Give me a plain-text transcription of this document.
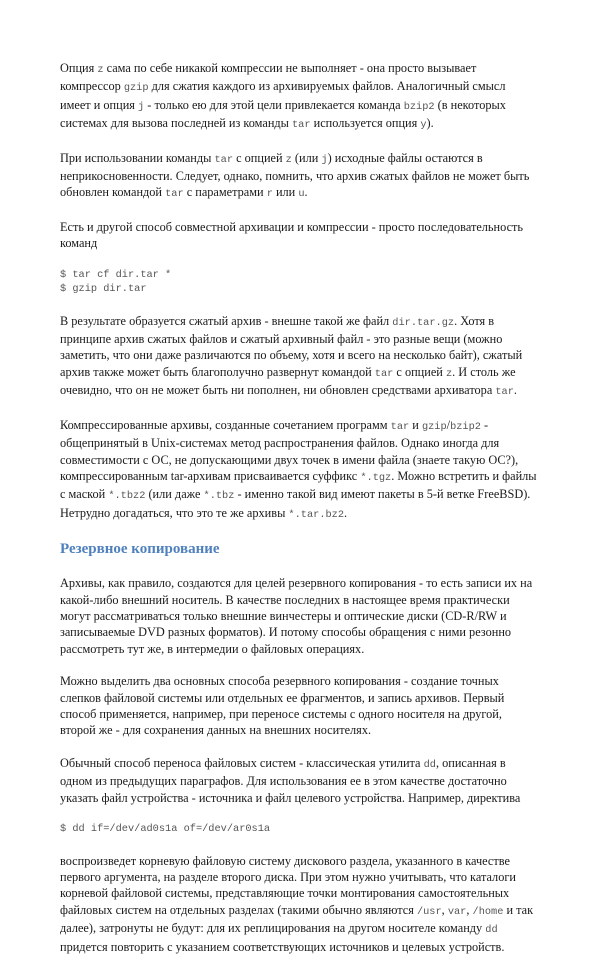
Опция z сама по себе никакой компрессии не выполняет - она просто вызывает компрессор gzip для сжатия каждого из архивируемых файлов. Аналогичный смысл имеет и опция j - только ею для этой цели привлекается команда bzip2 (в некоторых системах для вызова последней из команды tar используется опция y).

При использовании команды tar с опцией z (или j) исходные файлы остаются в неприкосновенности. Следует, однако, помнить, что архив сжатых файлов не может быть обновлен командой tar с параметрами r или u.

Есть и другой способ совместной архивации и компрессии - просто последовательность команд

$ tar cf dir.tar *
$ gzip dir.tar

В результате образуется сжатый архив - внешне такой же файл dir.tar.gz. Хотя в принципе архив сжатых файлов и сжатый архивный файл - это разные вещи (можно заметить, что они даже различаются по объему, хотя и всего на несколько байт), сжатый архив также может быть благополучно развернут командой tar с опцией z. И столь же очевидно, что он не может быть ни пополнен, ни обновлен средствами архиватора tar.

Компрессированные архивы, созданные сочетанием программ tar и gzip/bzip2 - общепринятый в Unix-системах метод распространения файлов. Однако иногда для совместимости с ОС, не допускающими двух точек в имени файла (знаете такую ОС?), компрессированным tar-архивам присваивается суффикс *.tgz. Можно встретить и файлы с маской *.tbz2 (или даже *.tbz - именно такой вид имеют пакеты в 5-й ветке FreeBSD). Нетрудно догадаться, что это те же архивы *.tar.bz2.

Резервное копирование

Архивы, как правило, создаются для целей резервного копирования - то есть записи их на какой-либо внешний носитель. В качестве последних в настоящее время практически могут рассматриваться только внешние винчестеры и оптические диски (CD-R/RW и записываемые DVD разных форматов). И потому способы обращения с ними резонно рассмотреть тут же, в интермедии о файловых операциях.

Можно выделить два основных способа резервного копирования - создание точных слепков файловой системы или отдельных ее фрагментов, и запись архивов. Первый способ применяется, например, при переносе системы с одного носителя на другой, второй же - для сохранения данных на внешних носителях.

Обычный способ переноса файловых систем - классическая утилита dd, описанная в одном из предыдущих параграфов. Для использования ее в этом качестве достаточно указать файл устройства - источника и файл целевого устройства. Например, директива

$ dd if=/dev/ad0s1a of=/dev/ar0s1a

воспроизведет корневую файловую систему дискового раздела, указанного в качестве первого аргумента, на разделе второго диска. При этом нужно учитывать, что каталоги корневой файловой системы, представляющие точки монтирования самостоятельных файловых систем на отдельных разделах (такими обычно являются /usr, var, /home и так далее), затронуты не будут: для их реплицирования на другом носителе команду dd придется повторить с указанием соответствующих источников и целевых устройств.
